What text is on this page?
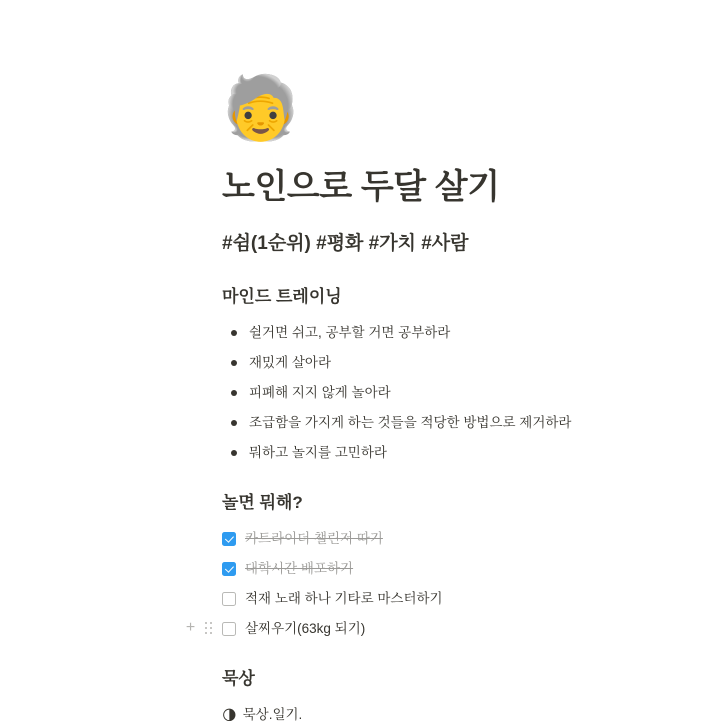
🧓
노인으로 두달 살기
#쉼(1순위) #평화 #가치 #사람
마인드 트레이닝
쉴거면 쉬고, 공부할 거면 공부하라
재밌게 살아라
피폐해 지지 않게 놀아라
조급함을 가지게 하는 것들을 적당한 방법으로 제거하라
뭐하고 놀지를 고민하라
놀면 뭐해?
카트라이더 챌린저 따기
대학시간 배포하기
적재 노래 하나 기타로 마스터하기
+	살찌우기(63kg 되기)
묵상
🌗 묵상.일기.
